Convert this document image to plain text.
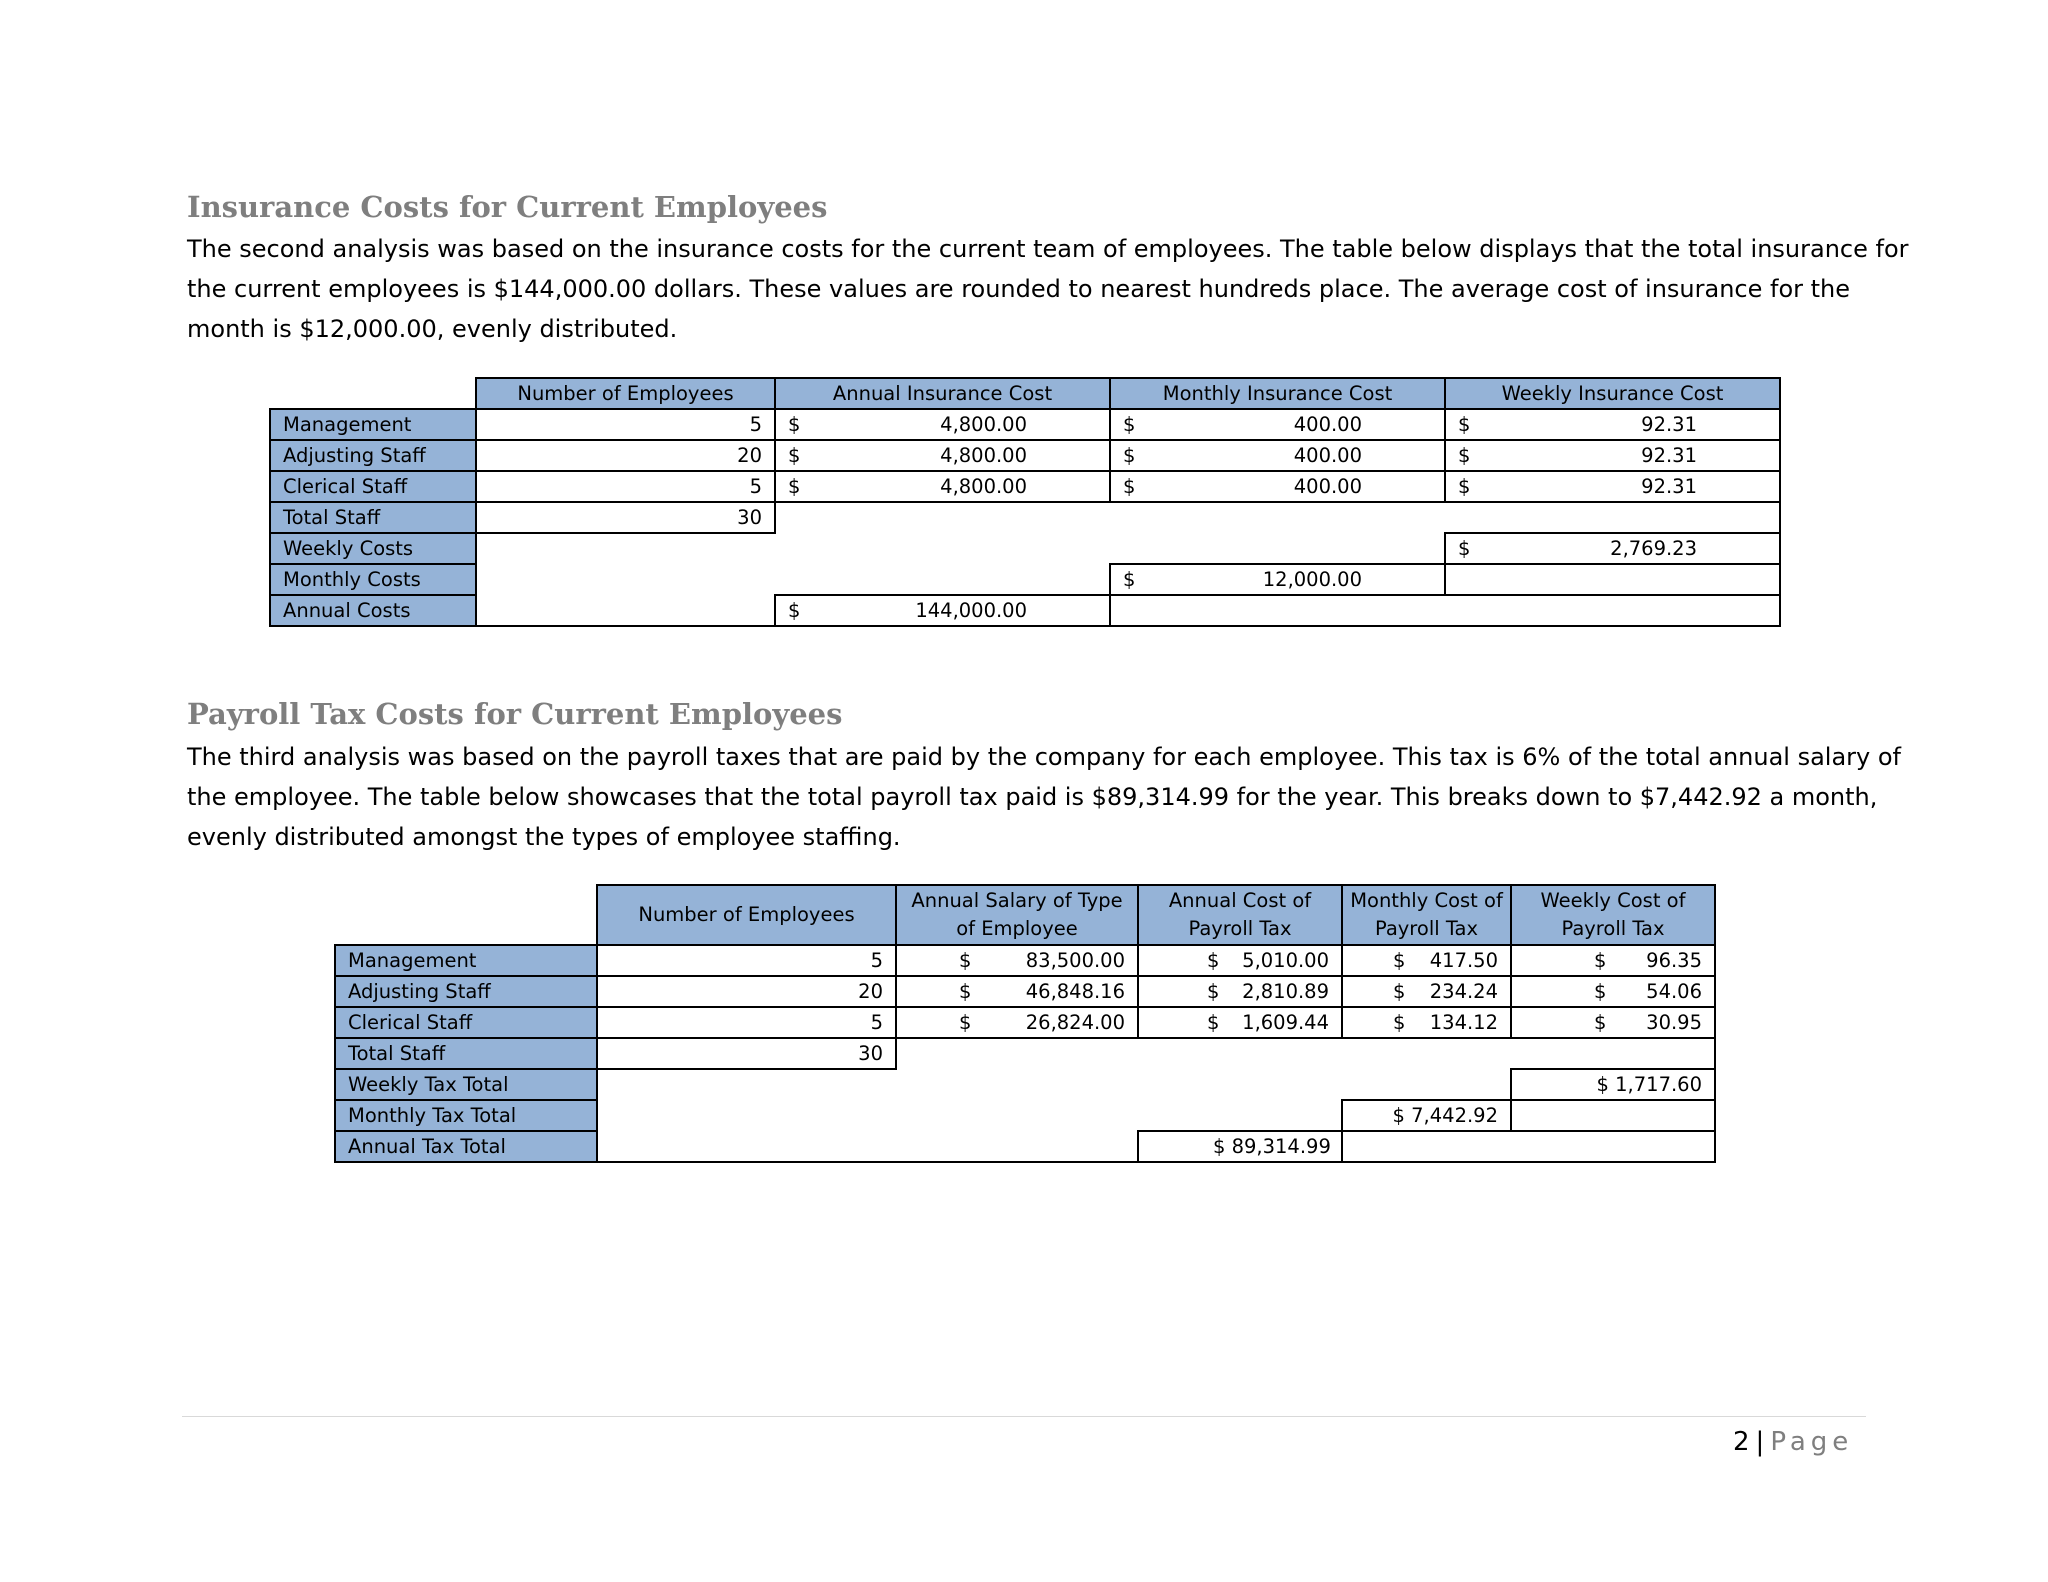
Insurance Costs for Current Employees

The second analysis was based on the insurance costs for the current team of employees. The table below displays that the total insurance for
the current employees is $144,000.00 dollars. These values are rounded to nearest hundreds place. The average cost of insurance for the
month is $12,000.00, evenly distributed.

	Number of Employees	Annual Insurance Cost	Monthly Insurance Cost	Weekly Insurance Cost
Management	5	$ 4,800.00	$ 400.00	$ 92.31

Adjusting Staff	20	$ 4,800.00	$ 400.00	$ 92.31

Clerical Staff	5	$ 4,800.00	$ 400.00	$ 92.31

Total Staff	30			
Weekly Costs				$ 2,769.23

Monthly Costs			$ 12,000.00	

Annual Costs		$ 144,000.00		

Payroll Tax Costs for Current Employees

The third analysis was based on the payroll taxes that are paid by the company for each employee. This tax is 6% of the total annual salary of
the employee. The table below showcases that the total payroll tax paid is $89,314.99 for the year. This breaks down to $7,442.92 a month,
evenly distributed amongst the types of employee staffing.

	Number of Employees	Annual Salary of Type of Employee	Annual Cost of Payroll Tax	Monthly Cost of Payroll Tax	Weekly Cost of Payroll Tax
Management	5	$ 83,500.00	$ 5,010.00	$ 417.50	$ 96.35

Adjusting Staff	20	$ 46,848.16	$ 2,810.89	$ 234.24	$ 54.06

Clerical Staff	5	$ 26,824.00	$ 1,609.44	$ 134.12	$ 30.95

Total Staff	30				
Weekly Tax Total					$ 1,717.60
Monthly Tax Total				$ 7,442.92	
Annual Tax Total			$ 89,314.99		
2 | Page
